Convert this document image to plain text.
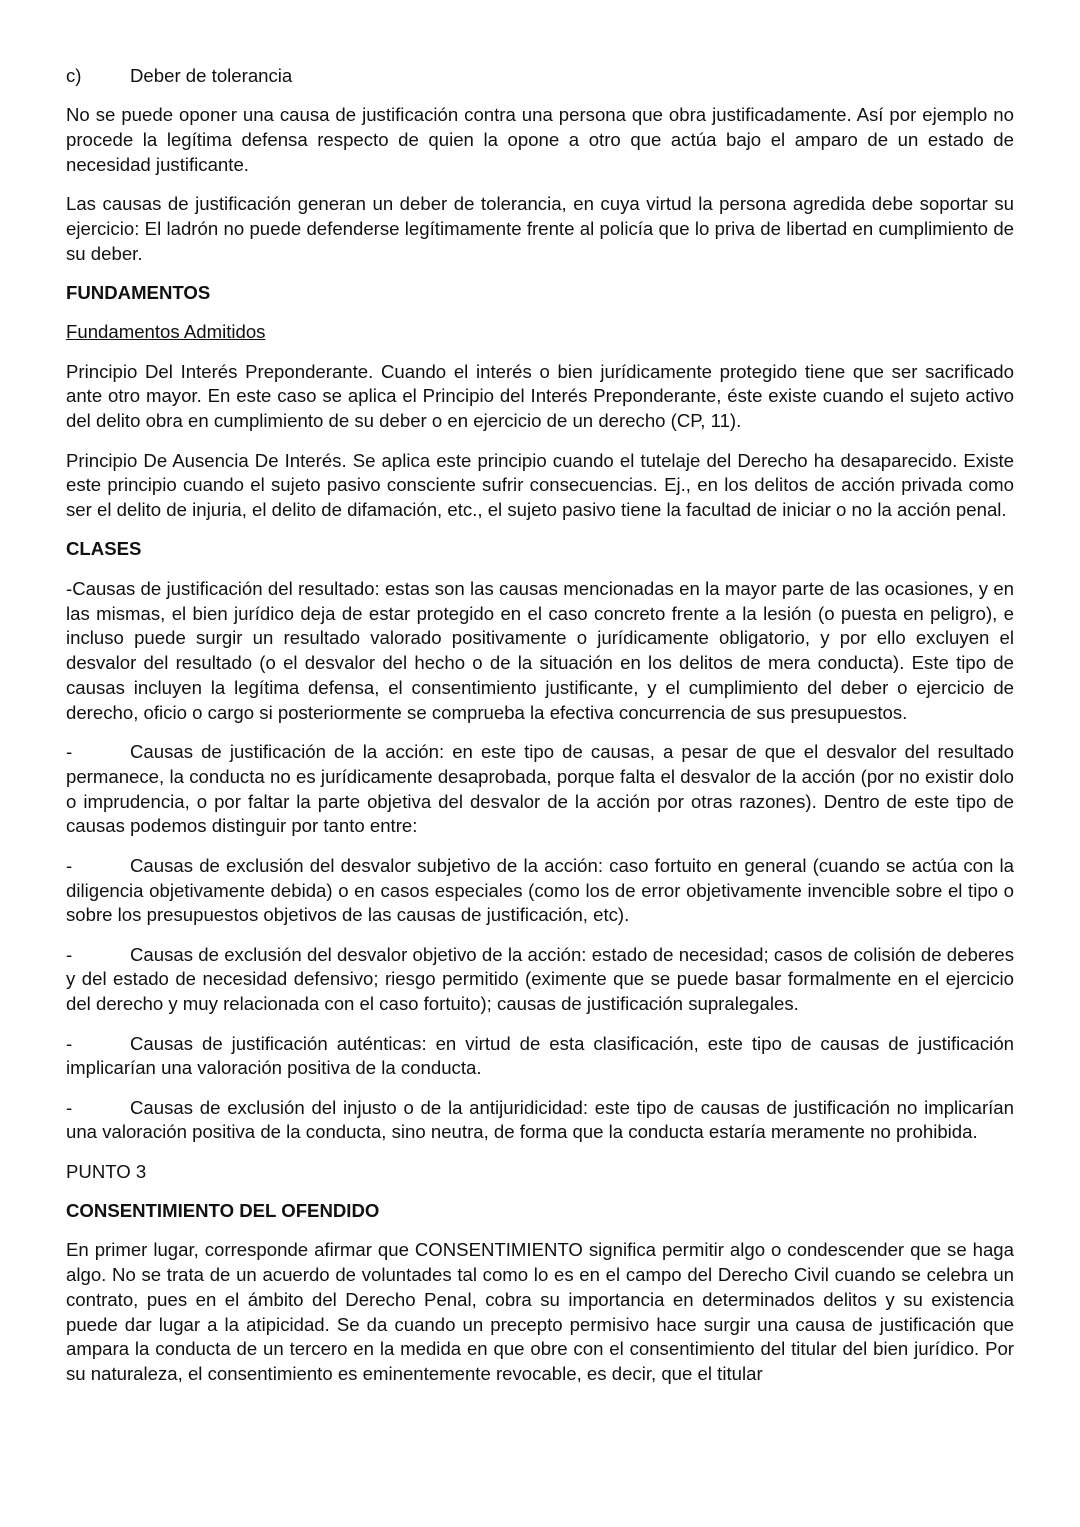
c)	Deber de tolerancia

No se puede oponer una causa de justificación contra una persona que obra justificadamente. Así por ejemplo no procede la legítima defensa respecto de quien la opone a otro que actúa bajo el amparo de un estado de necesidad justificante.

Las causas de justificación generan un deber de tolerancia, en cuya virtud la persona agredida debe soportar su ejercicio: El ladrón no puede defenderse legítimamente frente al policía que lo priva de libertad en cumplimiento de su deber.

FUNDAMENTOS

Fundamentos Admitidos

Principio Del Interés Preponderante. Cuando el interés o bien jurídicamente protegido tiene que ser sacrificado ante otro mayor. En este caso se aplica el Principio del Interés Preponderante, éste existe cuando el sujeto activo del delito obra en cumplimiento de su deber o en ejercicio de un derecho (CP, 11).

Principio De Ausencia De Interés. Se aplica este principio cuando el tutelaje del Derecho ha desaparecido. Existe este principio cuando el sujeto pasivo consciente sufrir consecuencias. Ej., en los delitos de acción privada como ser el delito de injuria, el delito de difamación, etc., el sujeto pasivo tiene la facultad de iniciar o no la acción penal.

CLASES

-Causas de justificación del resultado: estas son las causas mencionadas en la mayor parte de las ocasiones, y en las mismas, el bien jurídico deja de estar protegido en el caso concreto frente a la lesión (o puesta en peligro), e incluso puede surgir un resultado valorado positivamente o jurídicamente obligatorio, y por ello excluyen el desvalor del resultado (o el desvalor del hecho o de la situación en los delitos de mera conducta). Este tipo de causas incluyen la legítima defensa, el consentimiento justificante, y el cumplimiento del deber o ejercicio de derecho, oficio o cargo si posteriormente se comprueba la efectiva concurrencia de sus presupuestos.

-	Causas de justificación de la acción: en este tipo de causas, a pesar de que el desvalor del resultado permanece, la conducta no es jurídicamente desaprobada, porque falta el desvalor de la acción (por no existir dolo o imprudencia, o por faltar la parte objetiva del desvalor de la acción por otras razones). Dentro de este tipo de causas podemos distinguir por tanto entre:

-	Causas de exclusión del desvalor subjetivo de la acción: caso fortuito en general (cuando se actúa con la diligencia objetivamente debida) o en casos especiales (como los de error objetivamente invencible sobre el tipo o sobre los presupuestos objetivos de las causas de justificación, etc).

-	Causas de exclusión del desvalor objetivo de la acción: estado de necesidad; casos de colisión de deberes y del estado de necesidad defensivo; riesgo permitido (eximente que se puede basar formalmente en el ejercicio del derecho y muy relacionada con el caso fortuito); causas de justificación supralegales.

-	Causas de justificación auténticas: en virtud de esta clasificación, este tipo de causas de justificación implicarían una valoración positiva de la conducta.

-	Causas de exclusión del injusto o de la antijuridicidad: este tipo de causas de justificación no implicarían una valoración positiva de la conducta, sino neutra, de forma que la conducta estaría meramente no prohibida.

PUNTO 3

CONSENTIMIENTO DEL OFENDIDO

En primer lugar, corresponde afirmar que CONSENTIMIENTO significa permitir algo o condescender que se haga algo. No se trata de un acuerdo de voluntades tal como lo es en el campo del Derecho Civil cuando se celebra un contrato, pues en el ámbito del Derecho Penal, cobra su importancia en determinados delitos y su existencia puede dar lugar a la atipicidad. Se da cuando un precepto permisivo hace surgir una causa de justificación que ampara la conducta de un tercero en la medida en que obre con el consentimiento del titular del bien jurídico. Por su naturaleza, el consentimiento es eminentemente revocable, es decir, que el titular
